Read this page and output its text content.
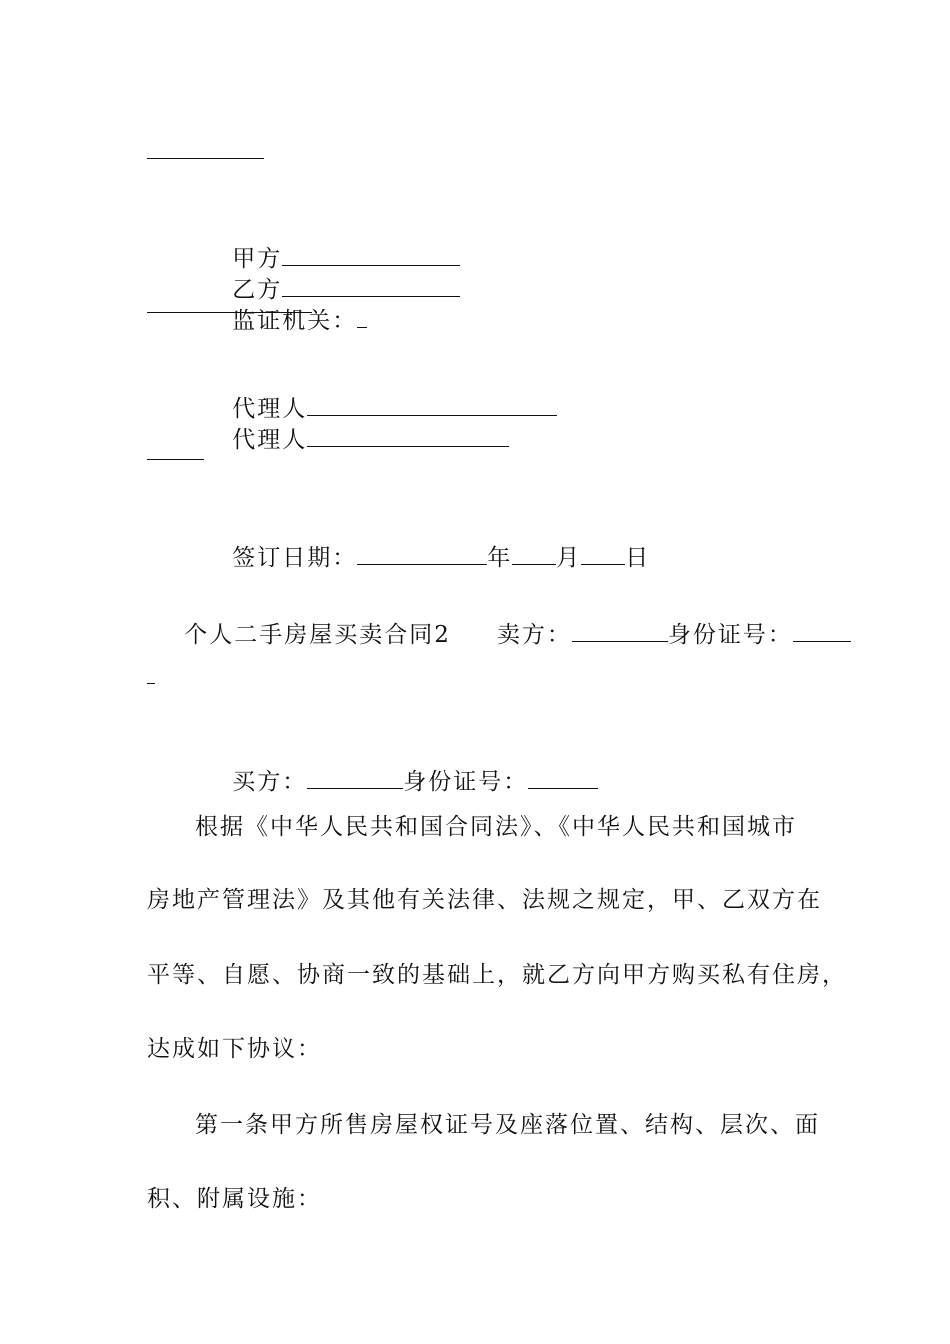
甲方
乙方
监证机关：

代理人
代理人

签订日期：	年 月 日

个人二手房屋买卖合同2 卖方：	身份证号：

买方：	身份证号：

根据《中华人民共和国合同法》、《中华人民共和国城市
房地产管理法》及其他有关法律、法规之规定，甲、乙双方在
平等、自愿、协商一致的基础上，就乙方向甲方购买私有住房，
达成如下协议：
第一条甲方所售房屋权证号及座落位置、结构、层次、面
积、附属设施：
